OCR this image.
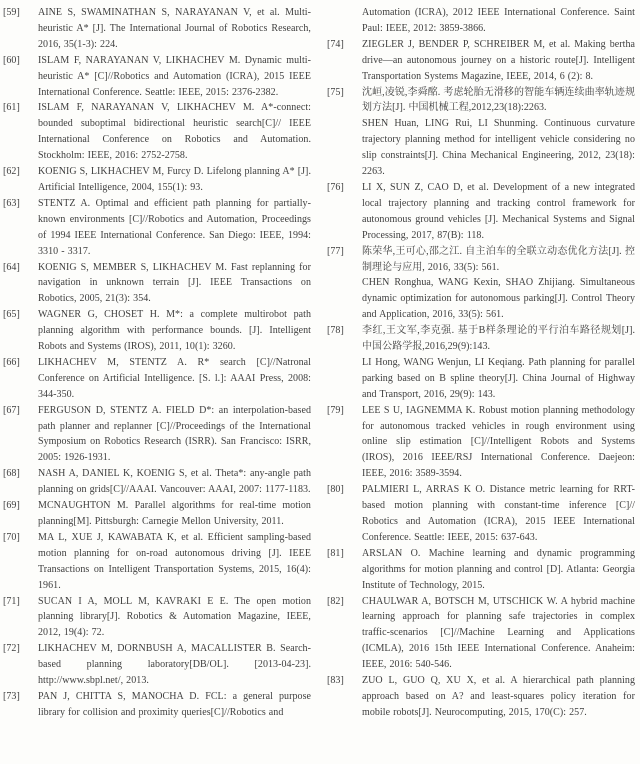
[59] AINE S, SWAMINATHAN S, NARAYANAN V, et al. Multi-heuristic A* [J]. The International Journal of Robotics Research, 2016, 35(1-3): 224.
[60] ISLAM F, NARAYANAN V, LIKHACHEV M. Dynamic multi-heuristic A* [C]//Robotics and Automation (ICRA), 2015 IEEE International Conference. Seattle: IEEE, 2015: 2376-2382.
[61] ISLAM F, NARAYANAN V, LIKHACHEV M. A*-connect: bounded suboptimal bidirectional heuristic search[C]// IEEE International Conference on Robotics and Automation. Stockholm: IEEE, 2016: 2752-2758.
[62] KOENIG S, LIKHACHEV M, Furcy D. Lifelong planning A* [J]. Artificial Intelligence, 2004, 155(1): 93.
[63] STENTZ A. Optimal and efficient path planning for partially-known environments [C]//Robotics and Automation, Proceedings of 1994 IEEE International Conference. San Diego: IEEE, 1994: 3310 - 3317.
[64] KOENIG S, MEMBER S, LIKHACHEV M. Fast replanning for navigation in unknown terrain [J]. IEEE Transactions on Robotics, 2005, 21(3): 354.
[65] WAGNER G, CHOSET H. M*: a complete multirobot path planning algorithm with performance bounds. [J]. Intelligent Robots and Systems (IROS), 2011, 10(1): 3260.
[66] LIKHACHEV M, STENTZ A. R* search [C]//Natronal Conference on Artificial Intelligence. [S. l.]: AAAI Press, 2008: 344-350.
[67] FERGUSON D, STENTZ A. FIELD D*: an interpolation-based path planner and replanner [C]//Proceedings of the International Symposium on Robotics Research (ISRR). San Francisco: ISRR, 2005: 1926-1931.
[68] NASH A, DANIEL K, KOENIG S, et al. Theta*: any-angle path planning on grids[C]//AAAI. Vancouver: AAAI, 2007: 1177-1183.
[69] MCNAUGHTON M. Parallel algorithms for real-time motion planning[M]. Pittsburgh: Carnegie Mellon University, 2011.
[70] MA L, XUE J, KAWABATA K, et al. Efficient sampling-based motion planning for on-road autonomous driving [J]. IEEE Transactions on Intelligent Transportation Systems, 2015, 16(4): 1961.
[71] SUCAN I A, MOLL M, KAVRAKI E E. The open motion planning library[J]. Robotics & Automation Magazine, IEEE, 2012, 19(4): 72.
[72] LIKHACHEV M, DORNBUSH A, MACALLISTER B. Search-based planning laboratory[DB/OL]. [2013-04-23]. http://www.sbpl.net/, 2013.
[73] PAN J, CHITTA S, MANOCHA D. FCL: a general purpose library for collision and proximity queries[C]//Robotics and
Automation (ICRA), 2012 IEEE International Conference. Saint Paul: IEEE, 2012: 3859-3866.
[74] ZIEGLER J, BENDER P, SCHREIBER M, et al. Making bertha drive—an autonomous journey on a historic route[J]. Intelligent Transportation Systems Magazine, IEEE, 2014, 6 (2): 8.
[75] 沈峘,凌锐,李舜酩. 考虑轮胎无滑移的智能车辆连续曲率轨迹规划方法[J]. 中国机械工程,2012,23(18):2263.
SHEN Huan, LING Rui, LI Shunming. Continuous curvature trajectory planning method for intelligent vehicle considering no slip constraints[J]. China Mechanical Engineering, 2012, 23(18): 2263.
[76] LI X, SUN Z, CAO D, et al. Development of a new integrated local trajectory planning and tracking control framework for autonomous ground vehicles [J]. Mechanical Systems and Signal Processing, 2017, 87(B): 118.
[77] 陈荣华,王可心,邵之江. 自主泊车的全联立动态优化方法[J]. 控制理论与应用, 2016, 33(5): 561.
CHEN Ronghua, WANG Kexin, SHAO Zhijiang. Simultaneous dynamic optimization for autonomous parking[J]. Control Theory and Application, 2016, 33(5): 561.
[78] 李红,王文军,李克强. 基于B样条理论的平行泊车路径规划[J]. 中国公路学报,2016,29(9):143.
LI Hong, WANG Wenjun, LI Keqiang. Path planning for parallel parking based on B spline theory[J]. China Journal of Highway and Transport, 2016, 29(9): 143.
[79] LEE S U, IAGNEMMA K. Robust motion planning methodology for autonomous tracked vehicles in rough environment using online slip estimation [C]//Intelligent Robots and Systems (IROS), 2016 IEEE/RSJ International Conference. Daejeon: IEEE, 2016: 3589-3594.
[80] PALMIERI L, ARRAS K O. Distance metric learning for RRT-based motion planning with constant-time inference [C]// Robotics and Automation (ICRA), 2015 IEEE International Conference. Seattle: IEEE, 2015: 637-643.
[81] ARSLAN O. Machine learning and dynamic programming algorithms for motion planning and control [D]. Atlanta: Georgia Institute of Technology, 2015.
[82] CHAULWAR A, BOTSCH M, UTSCHICK W. A hybrid machine learning approach for planning safe trajectories in complex traffic-scenarios [C]//Machine Learning and Applications (ICMLA), 2016 15th IEEE International Conference. Anaheim: IEEE, 2016: 540-546.
[83] ZUO L, GUO Q, XU X, et al. A hierarchical path planning approach based on A? and least-squares policy iteration for mobile robots[J]. Neurocomputing, 2015, 170(C): 257.
